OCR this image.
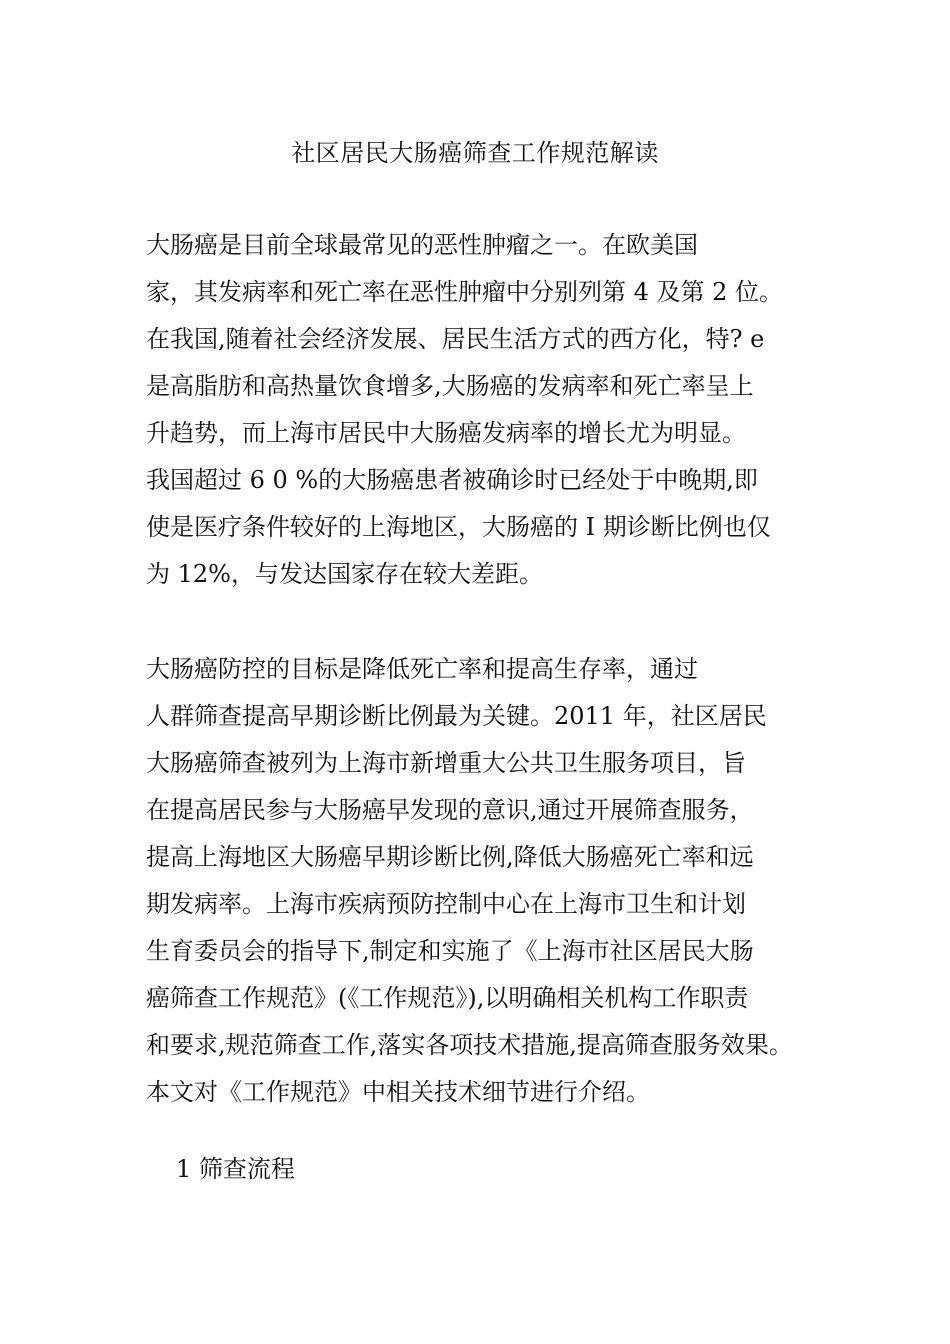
社区居民大肠癌筛查工作规范解读
大肠癌是目前全球最常见的恶性肿瘤之一。在欧美国
家，其发病率和死亡率在恶性肿瘤中分别列第 4 及第 2 位。
在我国,随着社会经济发展、居民生活方式的西方化，特? e
是高脂肪和高热量饮食增多,大肠癌的发病率和死亡率呈上
升趋势，而上海市居民中大肠癌发病率的增长尤为明显。
我国超过 6 0 %的大肠癌患者被确诊时已经处于中晚期,即
使是医疗条件较好的上海地区，大肠癌的 I 期诊断比例也仅
为 12%，与发达国家存在较大差距。
大肠癌防控的目标是降低死亡率和提高生存率，通过
人群筛查提高早期诊断比例最为关键。2011 年，社区居民
大肠癌筛查被列为上海市新增重大公共卫生服务项目，旨
在提高居民参与大肠癌早发现的意识,通过开展筛查服务，
提高上海地区大肠癌早期诊断比例,降低大肠癌死亡率和远
期发病率。上海市疾病预防控制中心在上海市卫生和计划
生育委员会的指导下,制定和实施了《上海市社区居民大肠
癌筛查工作规范》(《工作规范》),以明确相关机构工作职责
和要求,规范筛查工作,落实各项技术措施,提高筛查服务效果。
本文对《工作规范》中相关技术细节进行介绍。
1 筛查流程
